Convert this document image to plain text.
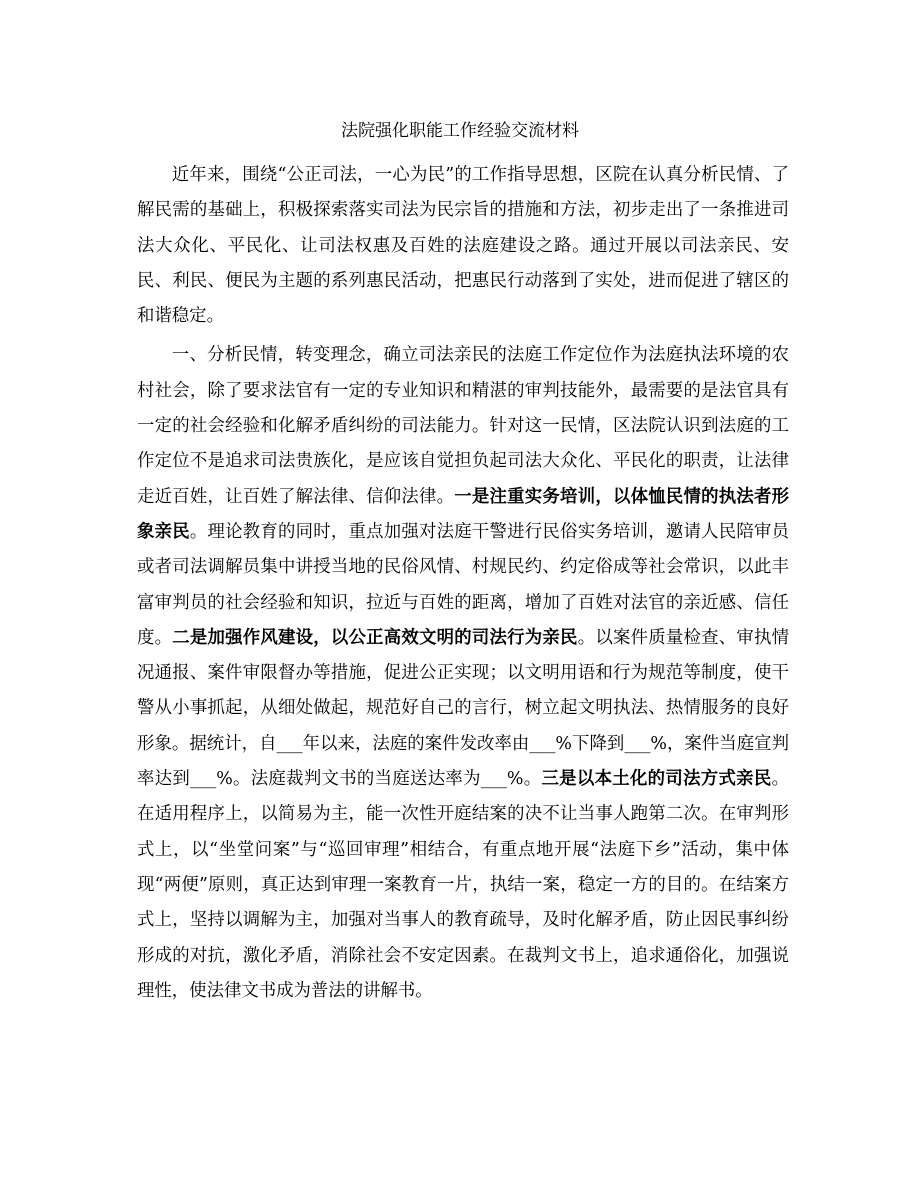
法院强化职能工作经验交流材料

近年来，围绕“公正司法，一心为民”的工作指导思想，区院在认真分析民情、了解民需的基础上，积极探索落实司法为民宗旨的措施和方法，初步走出了一条推进司法大众化、平民化、让司法权惠及百姓的法庭建设之路。通过开展以司法亲民、安民、利民、便民为主题的系列惠民活动，把惠民行动落到了实处，进而促进了辖区的和谐稳定。

一、分析民情，转变理念，确立司法亲民的法庭工作定位作为法庭执法环境的农村社会，除了要求法官有一定的专业知识和精湛的审判技能外，最需要的是法官具有一定的社会经验和化解矛盾纠纷的司法能力。针对这一民情，区法院认识到法庭的工作定位不是追求司法贵族化，是应该自觉担负起司法大众化、平民化的职责，让法律走近百姓，让百姓了解法律、信仰法律。一是注重实务培训，以体恤民情的执法者形象亲民。理论教育的同时，重点加强对法庭干警进行民俗实务培训，邀请人民陪审员或者司法调解员集中讲授当地的民俗风情、村规民约、约定俗成等社会常识，以此丰富审判员的社会经验和知识，拉近与百姓的距离，增加了百姓对法官的亲近感、信任度。二是加强作风建设，以公正高效文明的司法行为亲民。以案件质量检查、审执情况通报、案件审限督办等措施，促进公正实现；以文明用语和行为规范等制度，使干警从小事抓起，从细处做起，规范好自己的言行，树立起文明执法、热情服务的良好形象。据统计，自___年以来，法庭的案件发改率由___%下降到___%，案件当庭宣判率达到___%。法庭裁判文书的当庭送达率为___%。三是以本土化的司法方式亲民。在适用程序上，以简易为主，能一次性开庭结案的决不让当事人跑第二次。在审判形式上，以“坐堂问案”与“巡回审理”相结合，有重点地开展“法庭下乡”活动，集中体现“两便”原则，真正达到审理一案教育一片，执结一案，稳定一方的目的。在结案方式上，坚持以调解为主，加强对当事人的教育疏导，及时化解矛盾，防止因民事纠纷形成的对抗，激化矛盾，消除社会不安定因素。在裁判文书上，追求通俗化，加强说理性，使法律文书成为普法的讲解书。
